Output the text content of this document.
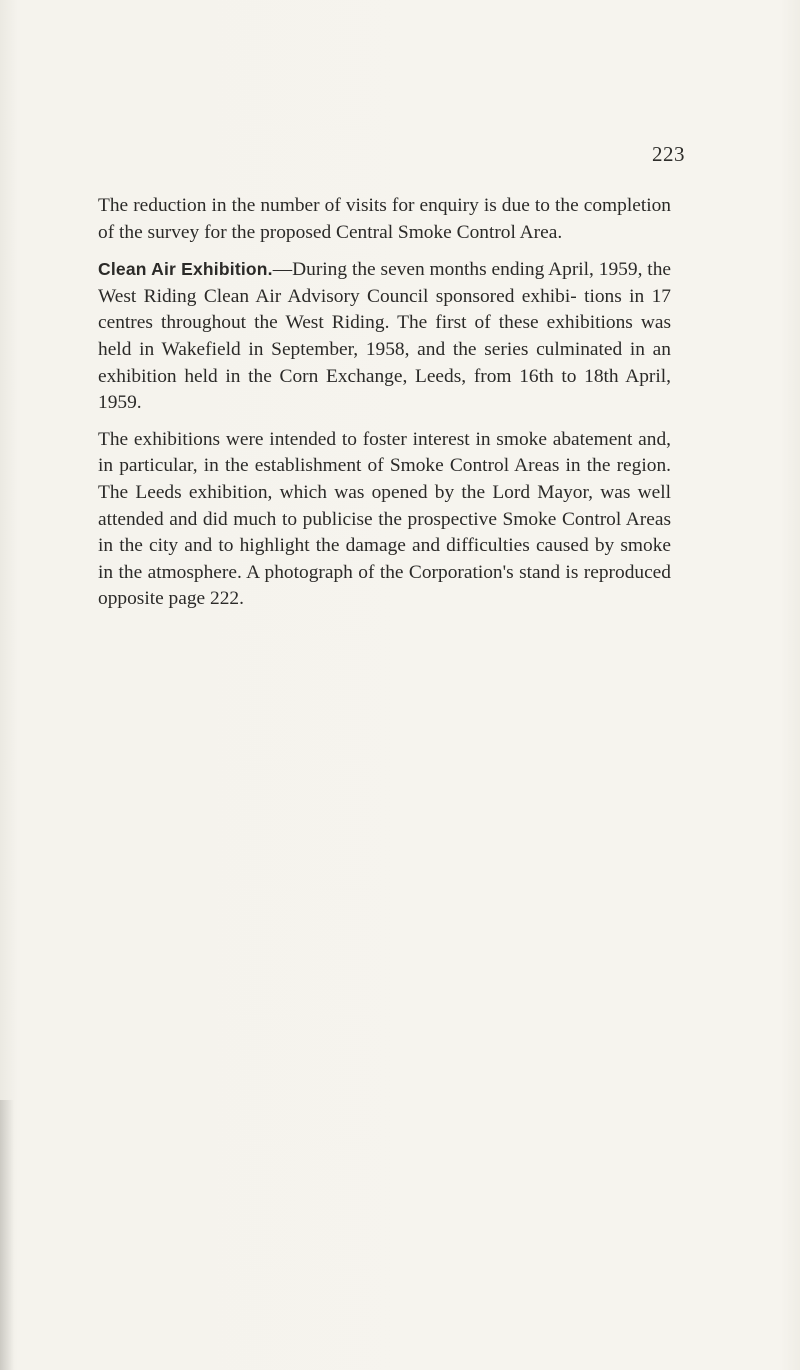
223

The reduction in the number of visits for enquiry is due to the completion of the survey for the proposed Central Smoke Control Area.

Clean Air Exhibition.—During the seven months ending April, 1959, the West Riding Clean Air Advisory Council sponsored exhibi- tions in 17 centres throughout the West Riding. The first of these exhibitions was held in Wakefield in September, 1958, and the series culminated in an exhibition held in the Corn Exchange, Leeds, from 16th to 18th April, 1959.

The exhibitions were intended to foster interest in smoke abatement and, in particular, in the establishment of Smoke Control Areas in the region. The Leeds exhibition, which was opened by the Lord Mayor, was well attended and did much to publicise the prospective Smoke Control Areas in the city and to highlight the damage and difficulties caused by smoke in the atmosphere. A photograph of the Corporation's stand is reproduced opposite page 222.
